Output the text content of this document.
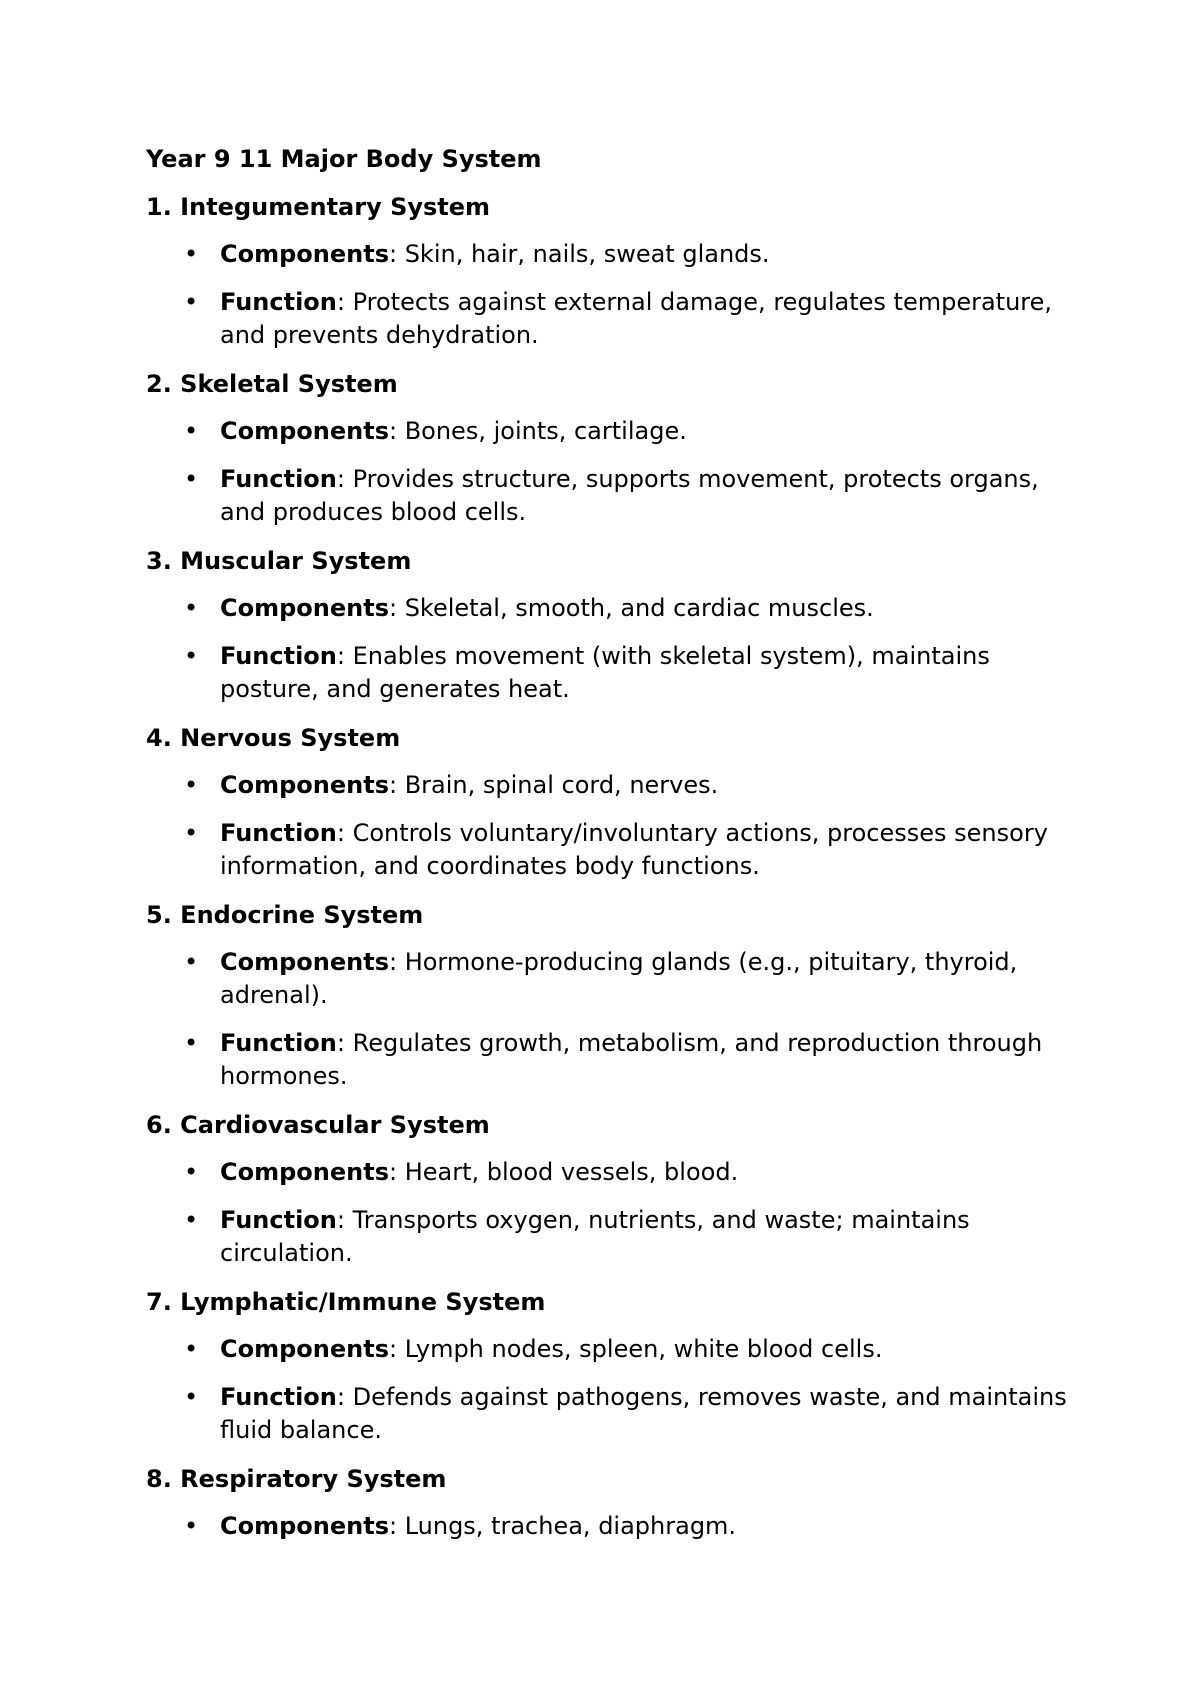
Year 9 11 Major Body System
1. Integumentary System
• Components: Skin, hair, nails, sweat glands.
• Function: Protects against external damage, regulates temperature, and prevents dehydration.
2. Skeletal System
• Components: Bones, joints, cartilage.
• Function: Provides structure, supports movement, protects organs, and produces blood cells.
3. Muscular System
• Components: Skeletal, smooth, and cardiac muscles.
• Function: Enables movement (with skeletal system), maintains posture, and generates heat.
4. Nervous System
• Components: Brain, spinal cord, nerves.
• Function: Controls voluntary/involuntary actions, processes sensory information, and coordinates body functions.
5. Endocrine System
• Components: Hormone-producing glands (e.g., pituitary, thyroid, adrenal).
• Function: Regulates growth, metabolism, and reproduction through hormones.
6. Cardiovascular System
• Components: Heart, blood vessels, blood.
• Function: Transports oxygen, nutrients, and waste; maintains circulation.
7. Lymphatic/Immune System
• Components: Lymph nodes, spleen, white blood cells.
• Function: Defends against pathogens, removes waste, and maintains fluid balance.
8. Respiratory System
• Components: Lungs, trachea, diaphragm.
